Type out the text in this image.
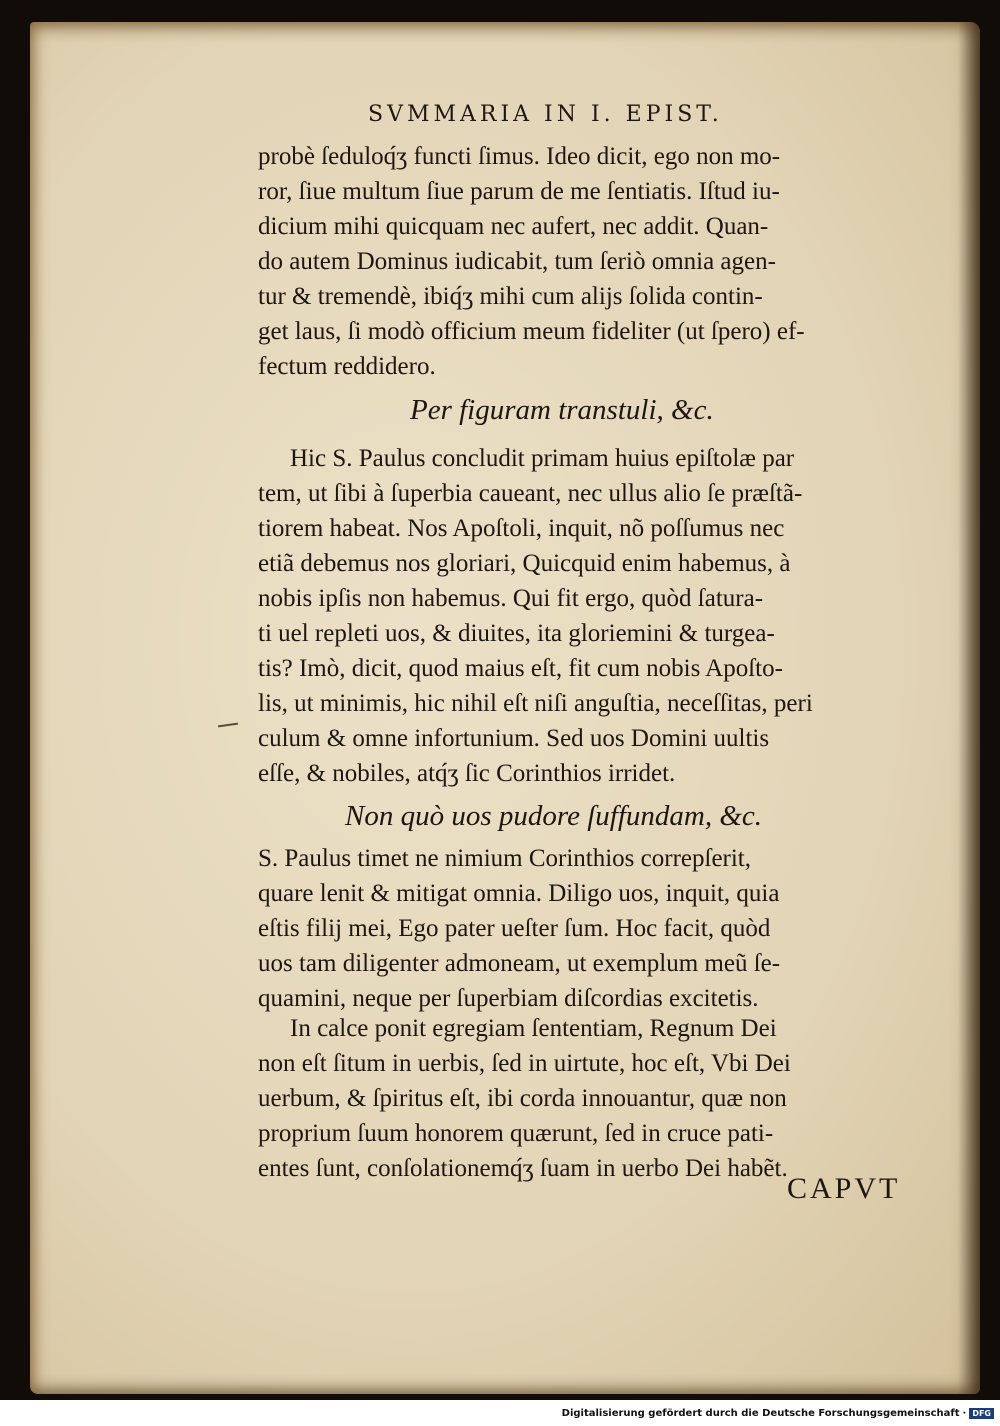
SVMMARIA IN I. EPIST.
probè ſeduloq́ʒ functi ſimus. Ideo dicit, ego non mo-
ror, ſiue multum ſiue parum de me ſentiatis. Iſtud iu-
dicium mihi quicquam nec aufert, nec addit. Quan-
do autem Dominus iudicabit, tum ſeriò omnia agen-
tur & tremendè, ibiq́ʒ mihi cum alijs ſolida contin-
get laus, ſi modò officium meum fideliter (ut ſpero) ef-
fectum reddidero.
Per figuram transtuli, &c.
Hic S. Paulus concludit primam huius epiſtolæ par
tem, ut ſibi à ſuperbia caueant, nec ullus alio ſe præſtã-
tiorem habeat. Nos Apoſtoli, inquit, nõ poſſumus nec
etiã debemus nos gloriari, Quicquid enim habemus, à
nobis ipſis non habemus. Qui fit ergo, quòd ſatura-
ti uel repleti uos, & diuites, ita gloriemini & turgea-
tis? Imò, dicit, quod maius eſt, fit cum nobis Apoſto-
lis, ut minimis, hic nihil eſt niſi anguſtia, neceſſitas, peri
culum & omne infortunium. Sed uos Domini uultis
eſſe, & nobiles, atq́ʒ ſic Corinthios irridet.
Non quò uos pudore ſuffundam, &c.
S. Paulus timet ne nimium Corinthios correpſerit,
quare lenit & mitigat omnia. Diligo uos, inquit, quia
eſtis filij mei, Ego pater ueſter ſum. Hoc facit, quòd
uos tam diligenter admoneam, ut exemplum meũ ſe-
quamini, neque per ſuperbiam diſcordias excitetis.
In calce ponit egregiam ſententiam, Regnum Dei
non eſt ſitum in uerbis, ſed in uirtute, hoc eſt, Vbi Dei
uerbum, & ſpiritus eſt, ibi corda innouantur, quæ non
proprium ſuum honorem quærunt, ſed in cruce pati-
entes ſunt, conſolationemq́ʒ ſuam in uerbo Dei habẽt.
CAPVT
Digitalisierung gefördert durch die Deutsche Forschungsgemeinschaft · DFG
